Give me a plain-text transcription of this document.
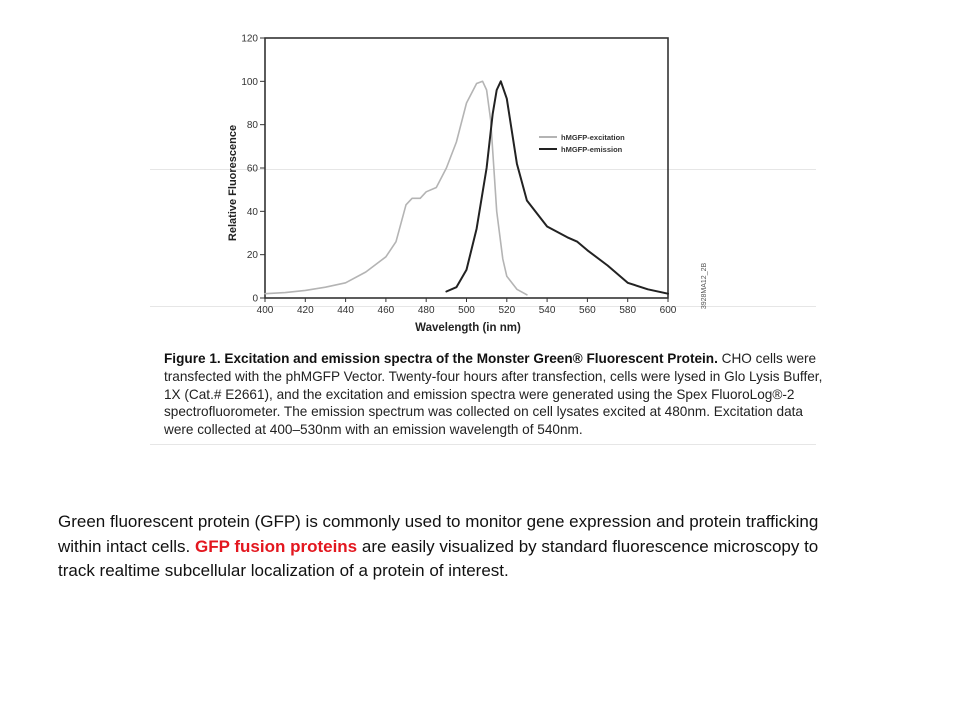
0
20
40
60
80
100
120
400 420 440 460 480 500 520 540 560 580 600
hMGFP-excitation
hMGFP-emission
Relative Fluorescence
Wavelength (in nm)
3928MA12_2B
Figure 1. Excitation and emission spectra of the Monster Green® Fluorescent Protein. CHO cells were transfected with the phMGFP Vector. Twenty-four hours after transfection, cells were lysed in Glo Lysis Buffer, 1X (Cat.# E2661), and the excitation and emission spectra were generated using the Spex FluoroLog®-2 spectrofluorometer. The emission spectrum was collected on cell lysates excited at 480nm. Excitation data were collected at 400–530nm with an emission wavelength of 540nm.
Green fluorescent protein (GFP) is commonly used to monitor gene expression and protein trafficking within intact cells. GFP fusion proteins are easily visualized by standard fluorescence microscopy to track realtime subcellular localization of a protein of interest.
